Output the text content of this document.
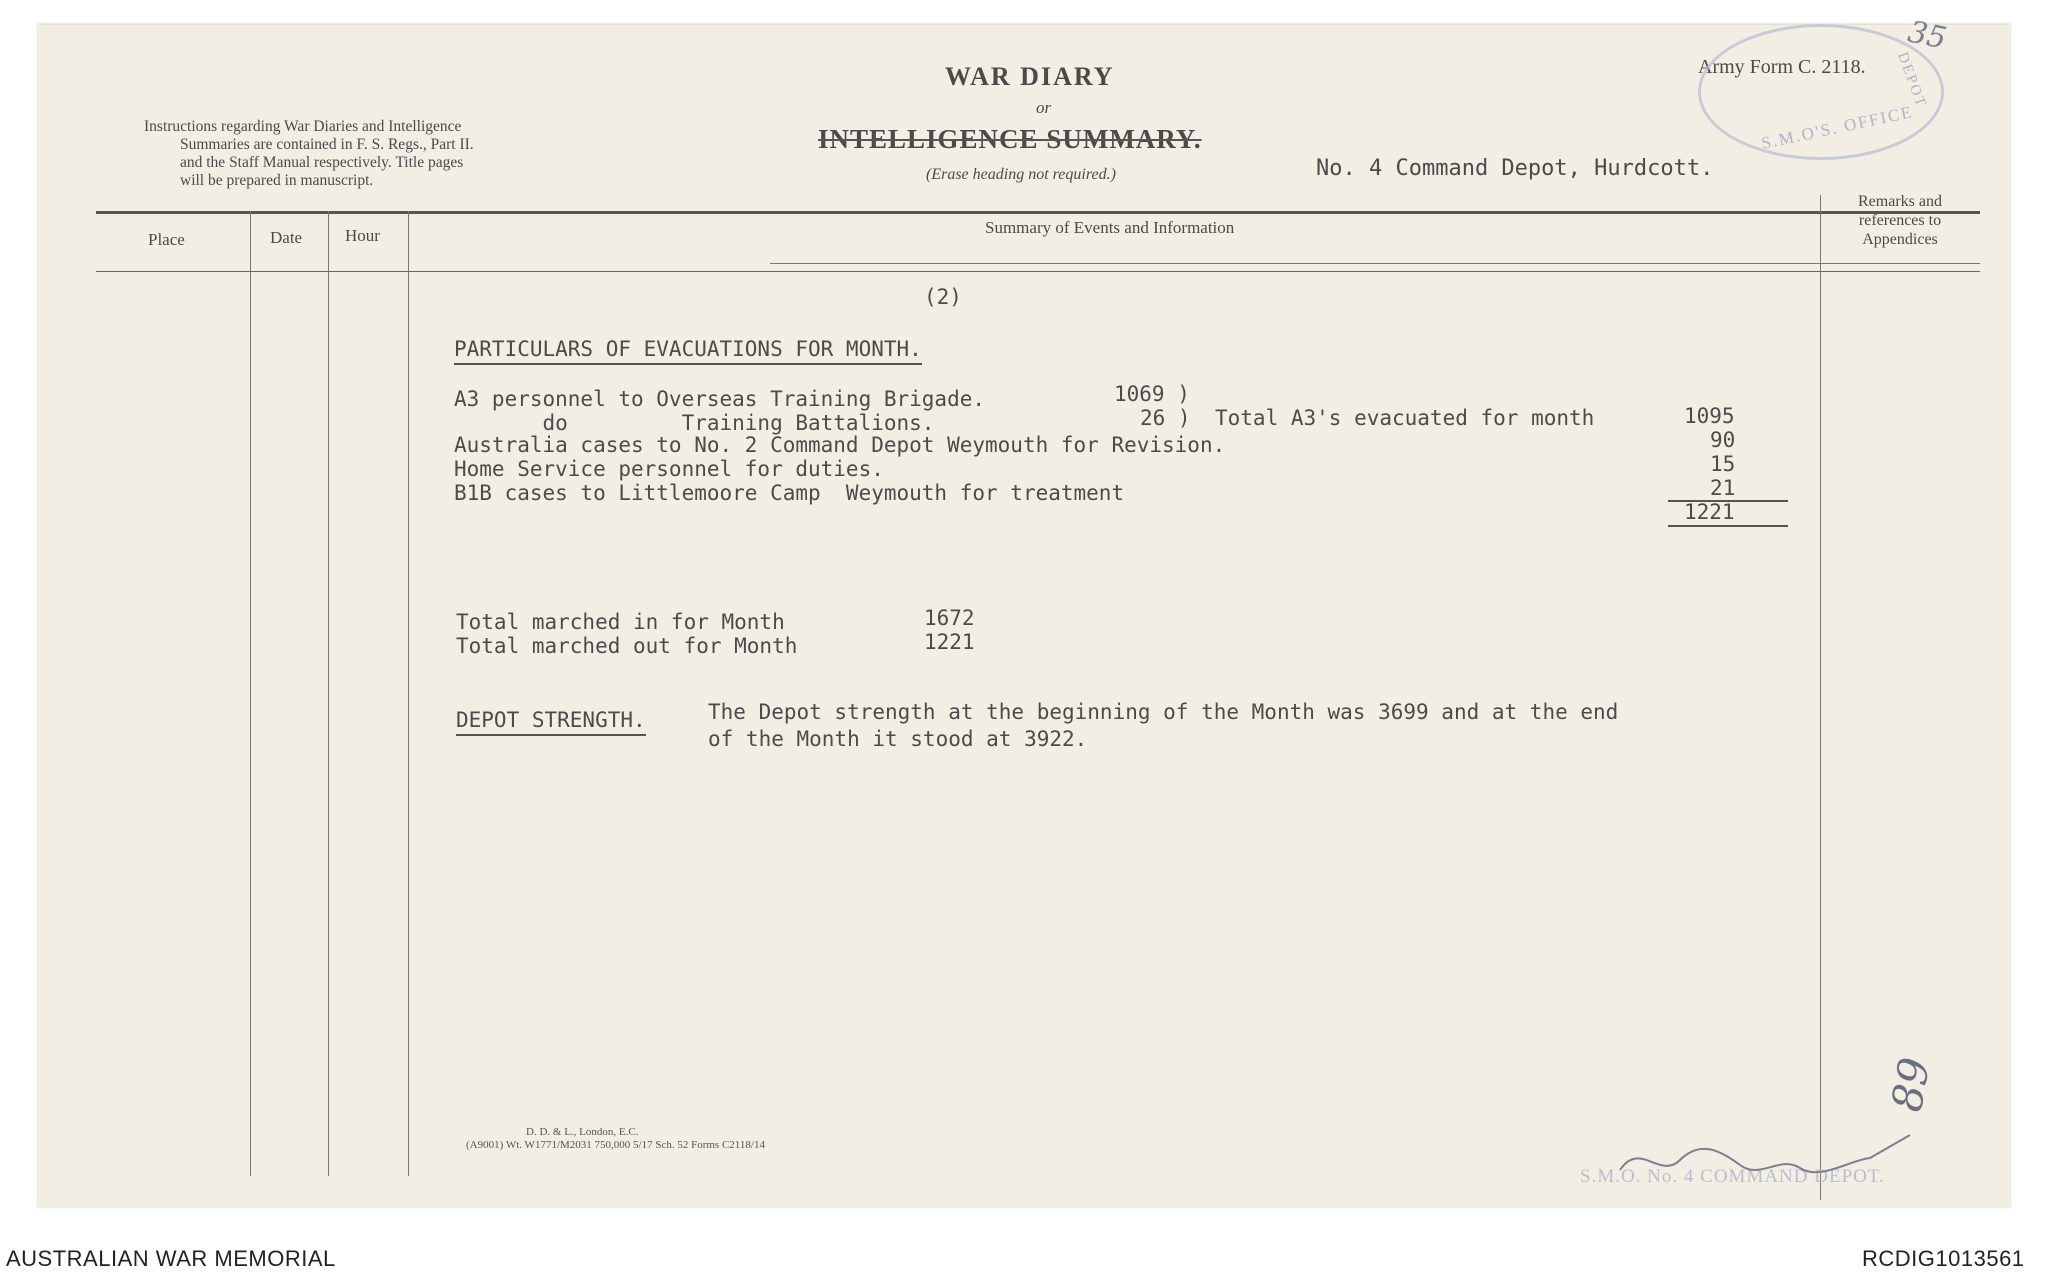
Instructions regarding War Diaries and Intelligence
Summaries are contained in F. S. Regs., Part II.
and the Staff Manual respectively. Title pages
will be prepared in manuscript.
WAR DIARY
or
INTELLIGENCE SUMMARY.
(Erase heading not required.)
Army Form C. 2118.
No. 4 Command Depot, Hurdcott.
S.M.O'S. OFFICE
DEPOT
35
Place	Date	Hour	Summary of Events and Information
Remarks and
references to
Appendices
(2)
PARTICULARS OF EVACUATIONS FOR MONTH.
A3 personnel to Overseas Training Brigade.	1069 )
do         Training Battalions.	26 ) Total A3's evacuated for month	1095
Australia cases to No. 2 Command Depot Weymouth for Revision.	90
Home Service personnel for duties.	15
B1B cases to Littlemoore Camp  Weymouth for treatment	21
1221
Total marched in for Month	1672
Total marched out for Month	1221
DEPOT STRENGTH.	The Depot strength at the beginning of the Month was 3699 and at the end
of the Month it stood at 3922.
89
D. D. & L., London, E.C.
(A9001) Wt. W1771/M2031 750,000 5/17 Sch. 52 Forms C2118/14
S.M.O. No. 4 COMMAND DEPOT.
AUSTRALIAN WAR MEMORIAL	RCDIG1013561
